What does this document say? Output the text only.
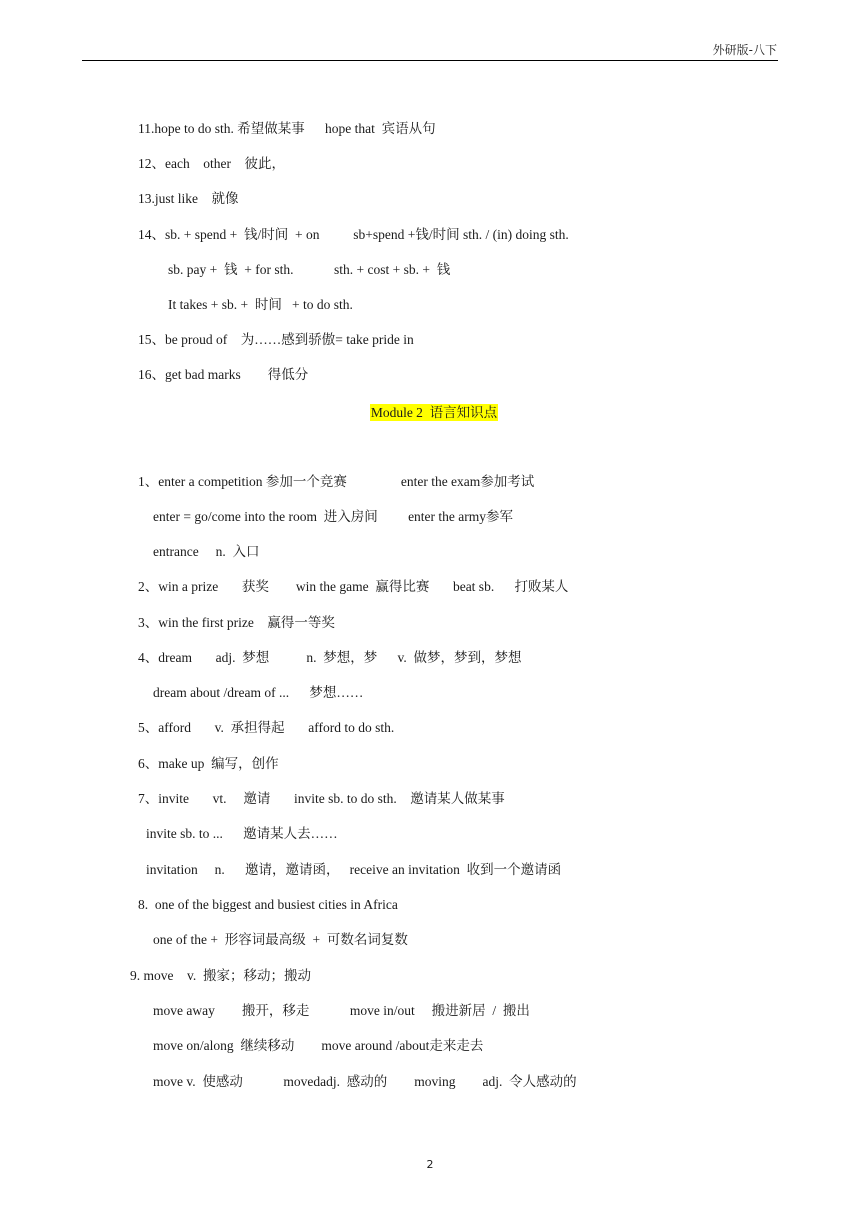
外研版-八下
11.hope to do sth. 希望做某事      hope that  宾语从句
12、each    other    彼此，
13.just like    就像
14、sb. + spend +  钱/时间  + on          sb+spend +钱/时间 sth. / (in) doing sth.
sb. pay +  钱  + for sth.            sth. + cost + sb. +  钱
It takes + sb. +  时间   + to do sth.
15、be proud of    为……感到骄傲= take pride in
16、get bad marks        得低分
Module 2  语言知识点
1、enter a competition 参加一个竞赛                enter the exam参加考试
enter = go/come into the room  进入房间         enter the army参军
entrance     n.  入口
2、win a prize       获奖        win the game  赢得比赛       beat sb.      打败某人
3、win the first prize    赢得一等奖
4、dream       adj.  梦想           n.  梦想，梦      v.  做梦，梦到，梦想
dream about /dream of ...      梦想……
5、afford       v.  承担得起       afford to do sth.
6、make up  编写，创作
7、invite       vt.     邀请       invite sb. to do sth.    邀请某人做某事
invite sb. to ...      邀请某人去……
invitation     n.      邀请，邀请函，   receive an invitation  收到一个邀请函
8.  one of the biggest and busiest cities in Africa
one of the +  形容词最高级  +  可数名词复数
9. move    v.  搬家；移动；搬动
move away        搬开，移走            move in/out     搬进新居  /  搬出
move on/along  继续移动        move around /about走来走去
move v.  使感动            movedadj.  感动的        moving        adj.  令人感动的
2
